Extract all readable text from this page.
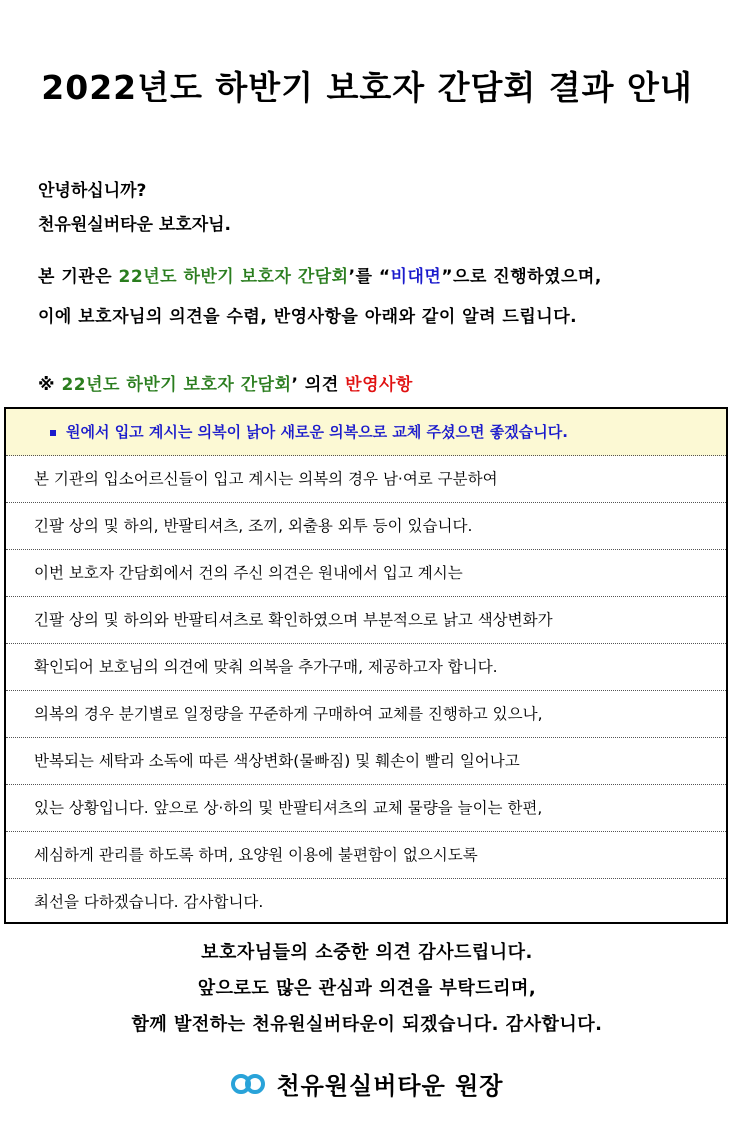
2022년도 하반기 보호자 간담회 결과 안내
안녕하십니까?
천유원실버타운 보호자님.
본 기관은 22년도 하반기 보호자 간담회’를 “비대면”으로 진행하였으며,
이에 보호자님의 의견을 수렴, 반영사항을 아래와 같이 알려 드립니다.
※ 22년도 하반기 보호자 간담회’ 의견 반영사항
원에서 입고 계시는 의복이 낡아 새로운 의복으로 교체 주셨으면 좋겠습니다.
본 기관의 입소어르신들이 입고 계시는 의복의 경우 남·여로 구분하여
긴팔 상의 및 하의, 반팔티셔츠, 조끼, 외출용 외투 등이 있습니다.
이번 보호자 간담회에서 건의 주신 의견은 원내에서 입고 계시는
긴팔 상의 및 하의와 반팔티셔츠로 확인하였으며 부분적으로 낡고 색상변화가
확인되어 보호님의 의견에 맞춰 의복을 추가구매, 제공하고자 합니다.
의복의 경우 분기별로 일정량을 꾸준하게 구매하여 교체를 진행하고 있으나,
반복되는 세탁과 소독에 따른 색상변화(물빠짐) 및 훼손이 빨리 일어나고
있는 상황입니다. 앞으로 상·하의 및 반팔티셔츠의 교체 물량을 늘이는 한편,
세심하게 관리를 하도록 하며, 요양원 이용에 불편함이 없으시도록
최선을 다하겠습니다. 감사합니다.
보호자님들의 소중한 의견 감사드립니다.
앞으로도 많은 관심과 의견을 부탁드리며,
함께 발전하는 천유원실버타운이 되겠습니다. 감사합니다.
천유원실버타운 원장
